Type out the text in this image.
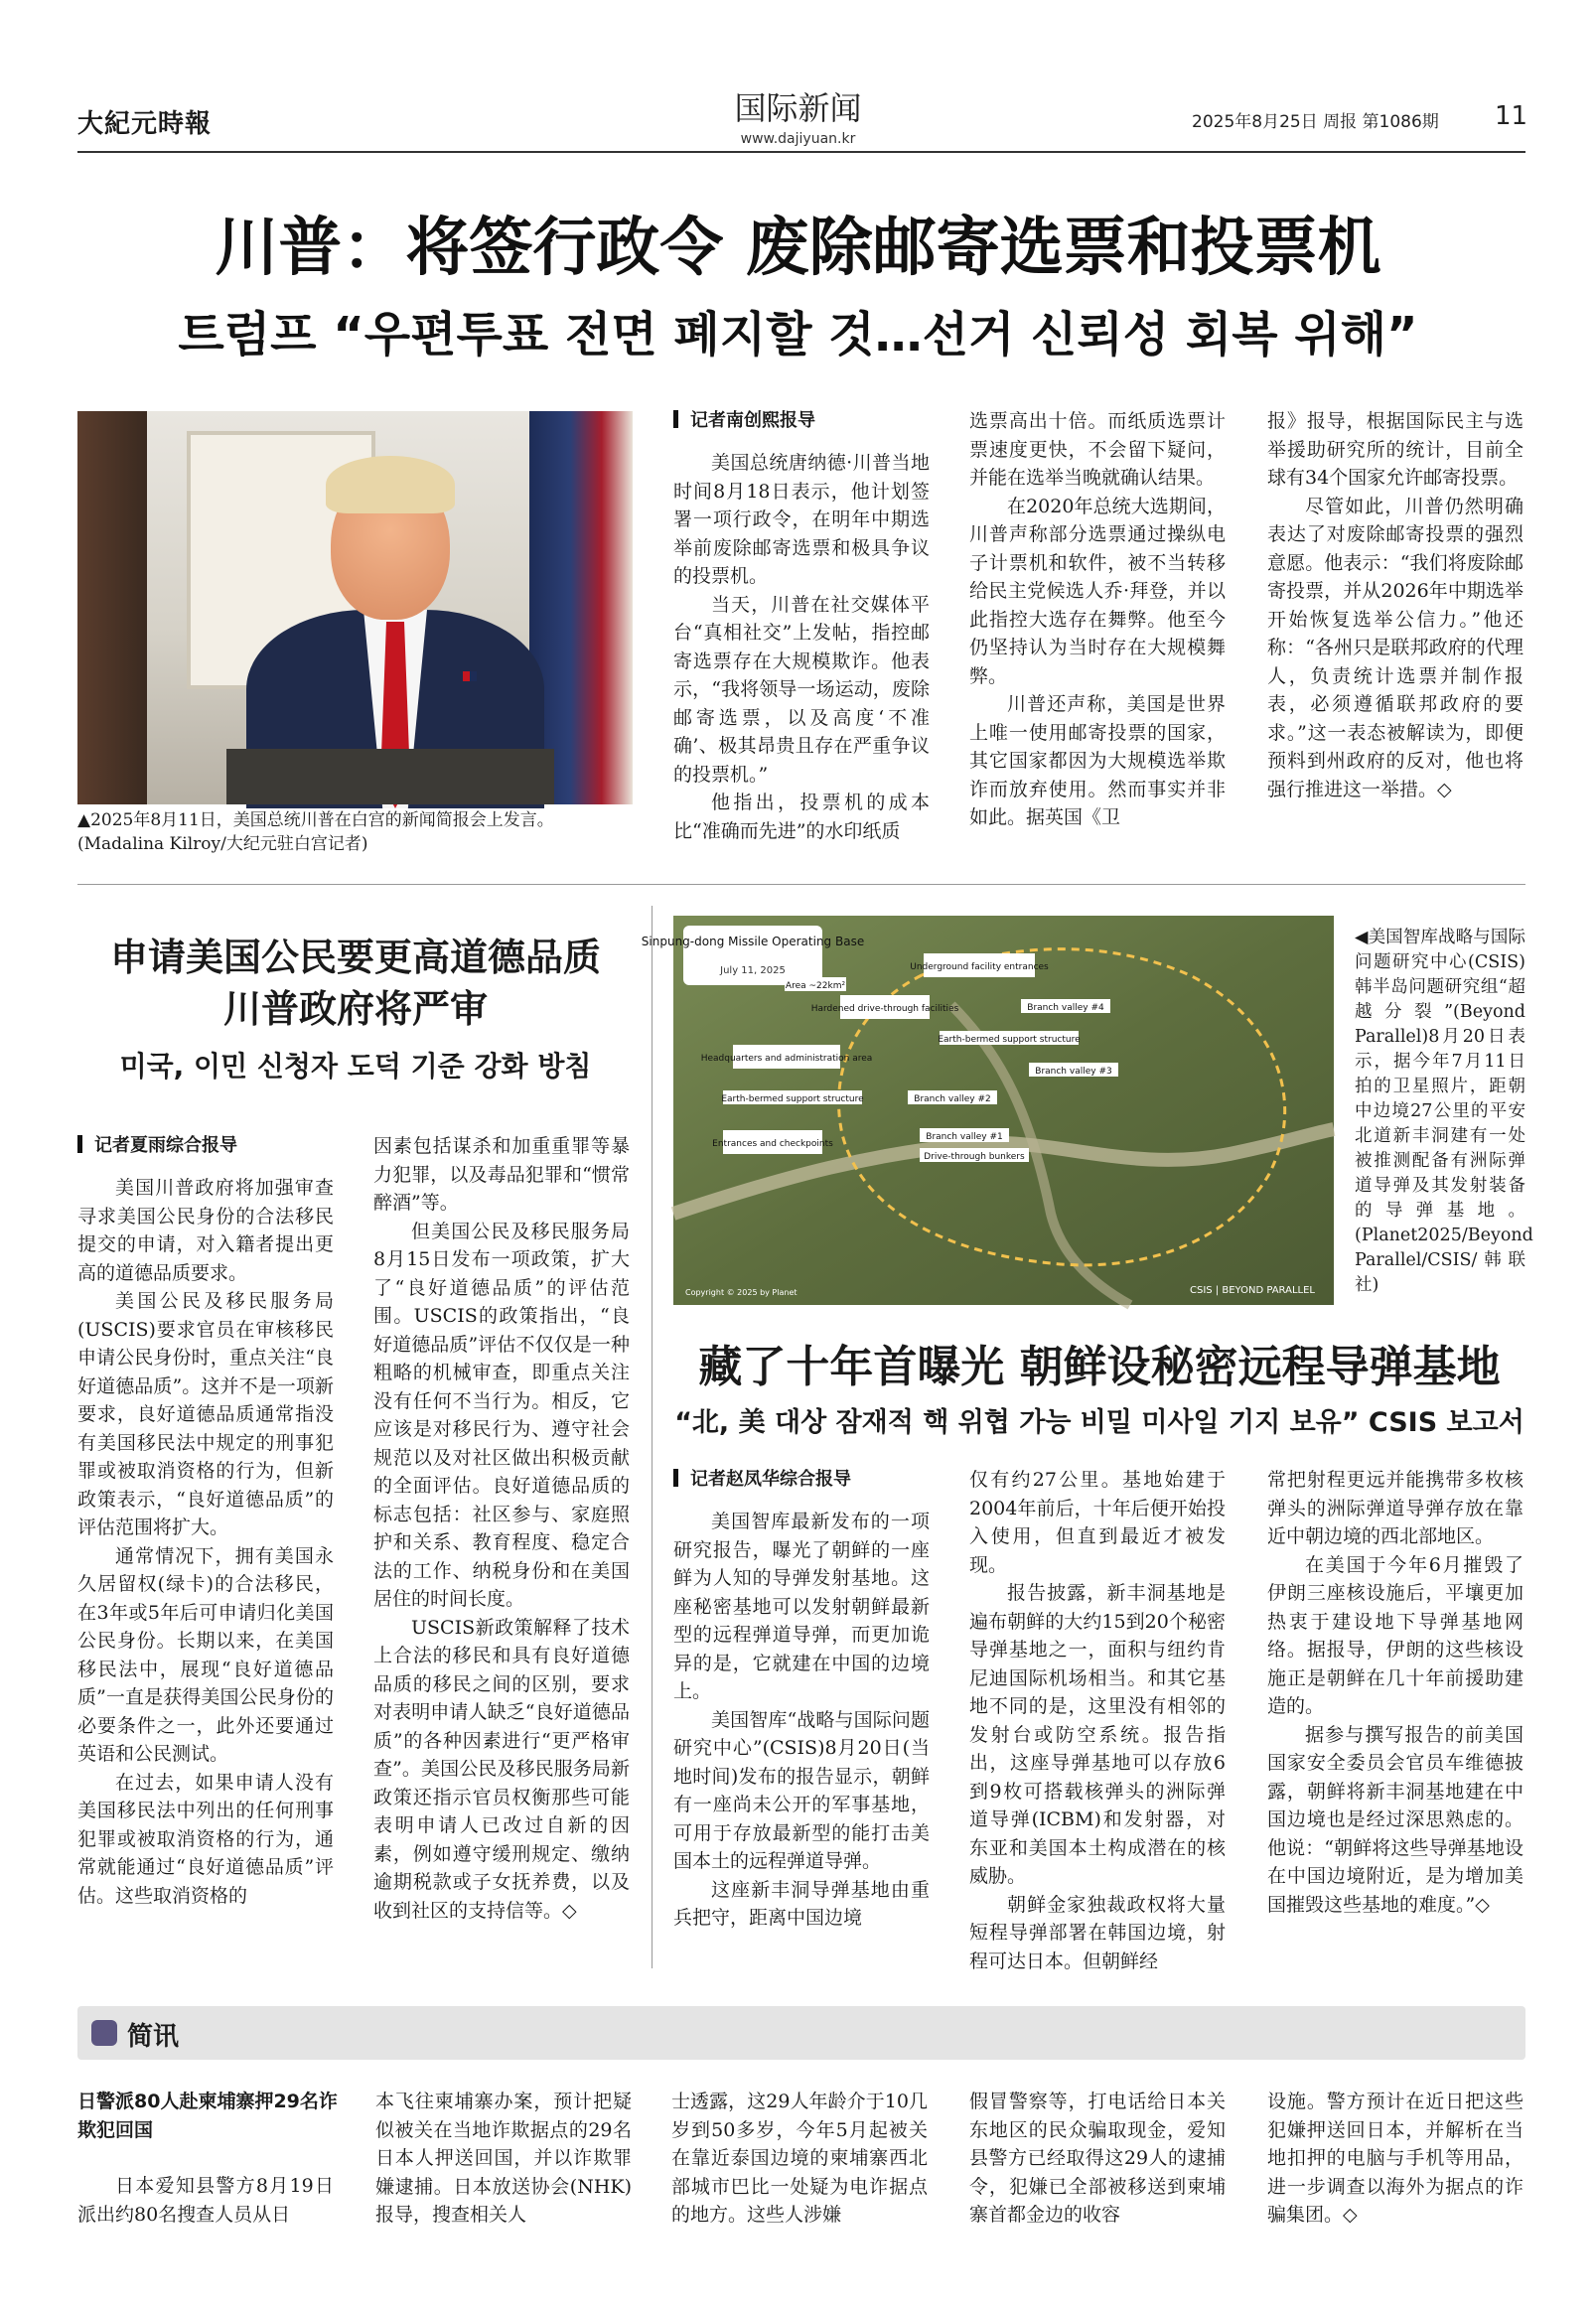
大紀元時報	国际新闻
www.dajiyuan.kr
2025年8月25日 周报 第1086期 11
川普：将签行政令 废除邮寄选票和投票机
트럼프 “우편투표 전면 폐지할 것…선거 신뢰성 회복 위해”
▲2025年8月11日，美国总统川普在白宫的新闻简报会上发言。(Madalina Kilroy/大纪元驻白宫记者)
记者南创熙报导

美国总统唐纳德·川普当地时间8月18日表示，他计划签署一项行政令，在明年中期选举前废除邮寄选票和极具争议的投票机。

当天，川普在社交媒体平台“真相社交”上发帖，指控邮寄选票存在大规模欺诈。他表示，“我将领导一场运动，废除邮寄选票，以及高度‘不准确’、极其昂贵且存在严重争议的投票机。”

他指出，投票机的成本比“准确而先进”的水印纸质

选票高出十倍。而纸质选票计票速度更快，不会留下疑问，并能在选举当晚就确认结果。

在2020年总统大选期间，川普声称部分选票通过操纵电子计票机和软件，被不当转移给民主党候选人乔·拜登，并以此指控大选存在舞弊。他至今仍坚持认为当时存在大规模舞弊。

川普还声称，美国是世界上唯一使用邮寄投票的国家，其它国家都因为大规模选举欺诈而放弃使用。然而事实并非如此。据英国《卫

报》报导，根据国际民主与选举援助研究所的统计，目前全球有34个国家允许邮寄投票。

尽管如此，川普仍然明确表达了对废除邮寄投票的强烈意愿。他表示：“我们将废除邮寄投票，并从2026年中期选举开始恢复选举公信力。”他还称：“各州只是联邦政府的代理人，负责统计选票并制作报表，必须遵循联邦政府的要求。”这一表态被解读为，即便预料到州政府的反对，他也将强行推进这一举措。◇

申请美国公民要更高道德品质
川普政府将严审
미국, 이민 신청자 도덕 기준 강화 방침
记者夏雨综合报导

美国川普政府将加强审查寻求美国公民身份的合法移民提交的申请，对入籍者提出更高的道德品质要求。

美国公民及移民服务局(USCIS)要求官员在审核移民申请公民身份时，重点关注“良好道德品质”。这并不是一项新要求，良好道德品质通常指没有美国移民法中规定的刑事犯罪或被取消资格的行为，但新政策表示，“良好道德品质”的评估范围将扩大。

通常情况下，拥有美国永久居留权(绿卡)的合法移民，在3年或5年后可申请归化美国公民身份。长期以来，在美国移民法中，展现“良好道德品质”一直是获得美国公民身份的必要条件之一，此外还要通过英语和公民测试。

在过去，如果申请人没有美国移民法中列出的任何刑事犯罪或被取消资格的行为，通常就能通过“良好道德品质”评估。这些取消资格的

因素包括谋杀和加重重罪等暴力犯罪，以及毒品犯罪和“惯常醉酒”等。

但美国公民及移民服务局8月15日发布一项政策，扩大了“良好道德品质”的评估范围。USCIS的政策指出，“良好道德品质”评估不仅仅是一种粗略的机械审查，即重点关注没有任何不当行为。相反，它应该是对移民行为、遵守社会规范以及对社区做出积极贡献的全面评估。良好道德品质的标志包括：社区参与、家庭照护和关系、教育程度、稳定合法的工作、纳税身份和在美国居住的时间长度。

USCIS新政策解释了技术上合法的移民和具有良好道德品质的移民之间的区别，要求对表明申请人缺乏“良好道德品质”的各种因素进行“更严格审查”。美国公民及移民服务局新政策还指示官员权衡那些可能表明申请人已改过自新的因素，例如遵守缓刑规定、缴纳逾期税款或子女抚养费，以及收到社区的支持信等。◇

Sinpung-dong Missile Operating Base
July 11, 2025
Area ~22km²
Underground facility entrances
Hardened drive-through facilities	Branch valley #4
Earth-bermed support structure
Headquarters and administration area
Branch valley #3
Earth-bermed support structure	Branch valley #2
Entrances and checkpoints
Branch valley #1
Drive-through bunkers
Copyright © 2025 by Planet	CSIS | BEYOND PARALLEL
◀美国智库战略与国际问题研究中心(CSIS)韩半岛问题研究组“超越分裂”(Beyond Parallel)8月20日表示，据今年7月11日拍的卫星照片，距朝中边境27公里的平安北道新丰洞建有一处被推测配备有洲际弹道导弹及其发射装备的导弹基地。(Planet2025/Beyond Parallel/CSIS/韩联社)
藏了十年首曝光 朝鲜设秘密远程导弹基地
“北, 美 대상 잠재적 핵 위협 가능 비밀 미사일 기지 보유” CSIS 보고서
记者赵凤华综合报导

美国智库最新发布的一项研究报告，曝光了朝鲜的一座鲜为人知的导弹发射基地。这座秘密基地可以发射朝鲜最新型的远程弹道导弹，而更加诡异的是，它就建在中国的边境上。

美国智库“战略与国际问题研究中心”(CSIS)8月20日(当地时间)发布的报告显示，朝鲜有一座尚未公开的军事基地，可用于存放最新型的能打击美国本土的远程弹道导弹。

这座新丰洞导弹基地由重兵把守，距离中国边境

仅有约27公里。基地始建于2004年前后，十年后便开始投入使用，但直到最近才被发现。

报告披露，新丰洞基地是遍布朝鲜的大约15到20个秘密导弹基地之一，面积与纽约肯尼迪国际机场相当。和其它基地不同的是，这里没有相邻的发射台或防空系统。报告指出，这座导弹基地可以存放6到9枚可搭载核弹头的洲际弹道导弹(ICBM)和发射器，对东亚和美国本土构成潜在的核威胁。

朝鲜金家独裁政权将大量短程导弹部署在韩国边境，射程可达日本。但朝鲜经

常把射程更远并能携带多枚核弹头的洲际弹道导弹存放在靠近中朝边境的西北部地区。

在美国于今年6月摧毁了伊朗三座核设施后，平壤更加热衷于建设地下导弹基地网络。据报导，伊朗的这些核设施正是朝鲜在几十年前援助建造的。

据参与撰写报告的前美国国家安全委员会官员车维德披露，朝鲜将新丰洞基地建在中国边境也是经过深思熟虑的。他说：“朝鲜将这些导弹基地设在中国边境附近，是为增加美国摧毁这些基地的难度。”◇

简讯
日警派80人赴柬埔寨押29名诈欺犯回国

日本爱知县警方8月19日派出约80名搜查人员从日

本飞往柬埔寨办案，预计把疑似被关在当地诈欺据点的29名日本人押送回国，并以诈欺罪嫌逮捕。日本放送协会(NHK)报导，搜查相关人

士透露，这29人年龄介于10几岁到50多岁，今年5月起被关在靠近泰国边境的柬埔寨西北部城市巴比一处疑为电诈据点的地方。这些人涉嫌

假冒警察等，打电话给日本关东地区的民众骗取现金，爱知县警方已经取得这29人的逮捕令，犯嫌已全部被移送到柬埔寨首都金边的收容

设施。警方预计在近日把这些犯嫌押送回日本，并解析在当地扣押的电脑与手机等用品，进一步调查以海外为据点的诈骗集团。◇
